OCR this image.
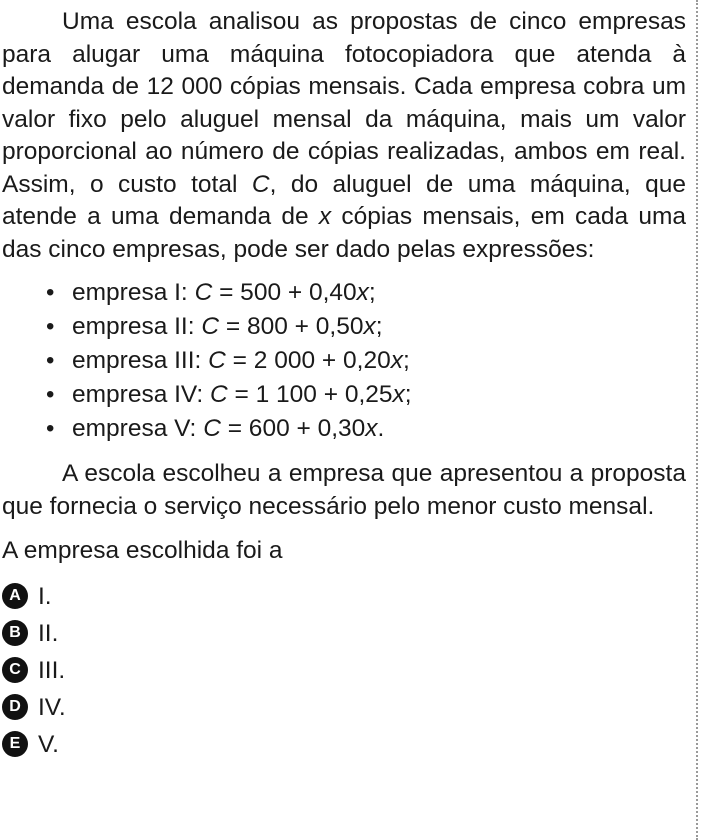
Uma escola analisou as propostas de cinco empresas para alugar uma máquina fotocopiadora que atenda à demanda de 12 000 cópias mensais. Cada empresa cobra um valor fixo pelo aluguel mensal da máquina, mais um valor proporcional ao número de cópias realizadas, ambos em real. Assim, o custo total C, do aluguel de uma máquina, que atende a uma demanda de x cópias mensais, em cada uma das cinco empresas, pode ser dado pelas expressões:

• empresa I: C = 500 + 0,40x;
• empresa II: C = 800 + 0,50x;
• empresa III: C = 2 000 + 0,20x;
• empresa IV: C = 1 100 + 0,25x;
• empresa V: C = 600 + 0,30x.

A escola escolheu a empresa que apresentou a proposta que fornecia o serviço necessário pelo menor custo mensal.

A empresa escolhida foi a

A I.
B II.
C III.
D IV.
E V.
